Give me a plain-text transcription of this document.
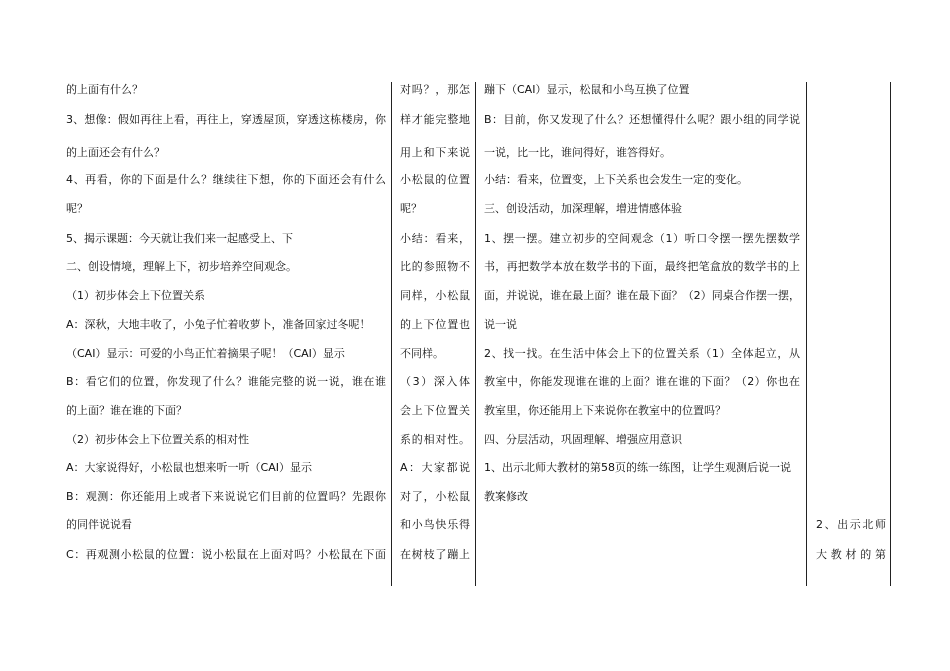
的上面有什么？
3、想像：假如再往上看，再往上，穿透屋顶，穿透这栋楼房，你
的上面还会有什么？
4、再看，你的下面是什么？继续往下想，你的下面还会有什么
呢？
5、揭示课题：今天就让我们来一起感受上、下
二、创设情境，理解上下，初步培养空间观念。
（1）初步体会上下位置关系
A：深秋，大地丰收了，小兔子忙着收萝卜，准备回家过冬呢！
（CAI）显示：可爱的小鸟正忙着摘果子呢！（CAI）显示
B：看它们的位置，你发现了什么？谁能完整的说一说，谁在谁
的上面？谁在谁的下面？
（2）初步体会上下位置关系的相对性
A：大家说得好，小松鼠也想来听一听（CAI）显示
B：观测：你还能用上或者下来说说它们目前的位置吗？先跟你
的同伴说说看
C：再观测小松鼠的位置：说小松鼠在上面对吗？小松鼠在下面
对吗？，那怎
样才能完整地
用上和下来说
小松鼠的位置
呢？
小结：看来，
比的参照物不
同样，小松鼠
的上下位置也
不同样。
（3）深入体
会上下位置关
系的相对性。
A：大家都说
对了，小松鼠
和小鸟快乐得
在树枝了蹦上
蹦下（CAI）显示，松鼠和小鸟互换了位置
B：目前，你又发现了什么？还想懂得什么呢？跟小组的同学说
一说，比一比，谁问得好，谁答得好。
小结：看来，位置变，上下关系也会发生一定的变化。
三、创设活动，加深理解，增进情感体验
1、摆一摆。建立初步的空间观念（1）听口令摆一摆先摆数学
书，再把数学本放在数学书的下面，最终把笔盒放的数学书的上
面，并说说，谁在最上面？谁在最下面？（2）同桌合作摆一摆，
说一说
2、找一找。在生活中体会上下的位置关系（1）全体起立，从
教室中，你能发现谁在谁的上面？谁在谁的下面？（2）你也在
教室里，你还能用上下来说你在教室中的位置吗？
四、分层活动，巩固理解、增强应用意识
1、出示北师大教材的第58页的练一练图，让学生观测后说一说
教案修改
2、出示北师
大教材的第
